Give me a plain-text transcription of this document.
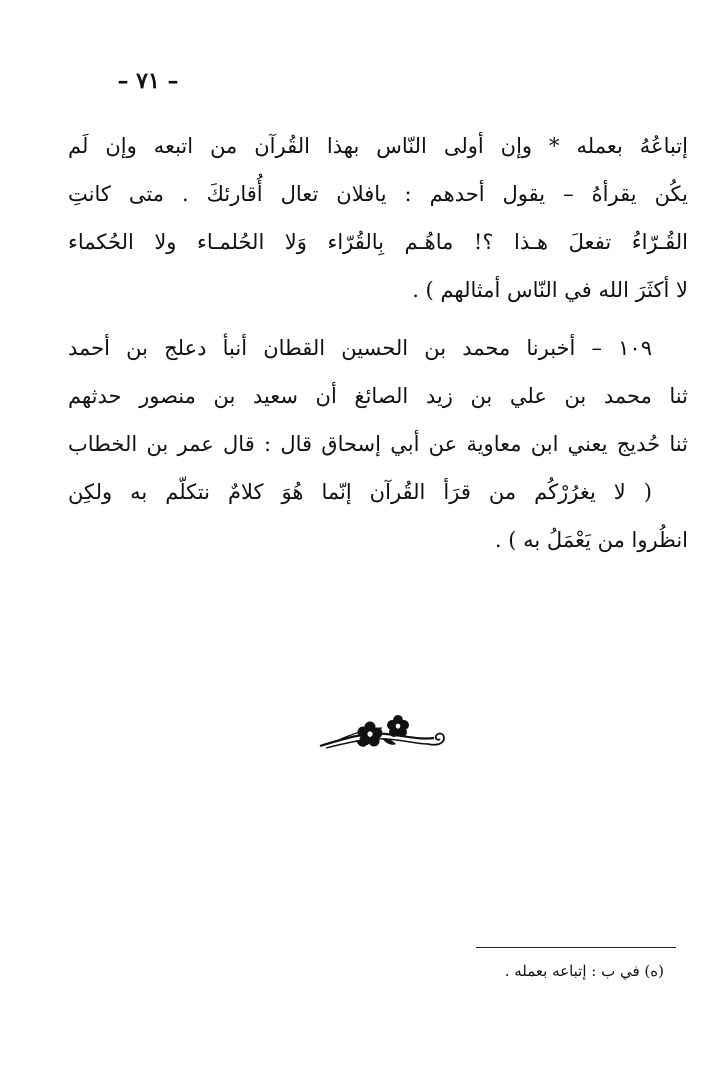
– ٧١ –
إتباعُهُ بعمله * وإن أولى النّاس بهذا القُرآن من اتبعه وإن لَم
يكُن يقرأهُ – يقول أحدهم : يافلان تعال أُقارئكَ . متى كانتِ
القُـرّاءُ تفعلَ هـذا ؟! ماهُـم بِالقُرّاء وَلا الحُلمـاء ولا الحُكماء
لا أكثَرَ الله في النّاس أمثالهم ) .
١٠٩ – أخبرنا محمد بن الحسين القطان أنبأ دعلج بن أحمد
ثنا محمد بن علي بن زيد الصائغ أن سعيد بن منصور حدثهم
ثنا حُديج يعني ابن معاوية عن أبي إسحاق قال : قال عمر بن الخطاب
( لا يغرُرْكُم من قرَأ القُرآن إنّما هُوَ كلامٌ نتكلّم به ولكِن
انظُروا من يَعْمَلُ به ) .
(ه) في ب : إتباعه بعمله .
